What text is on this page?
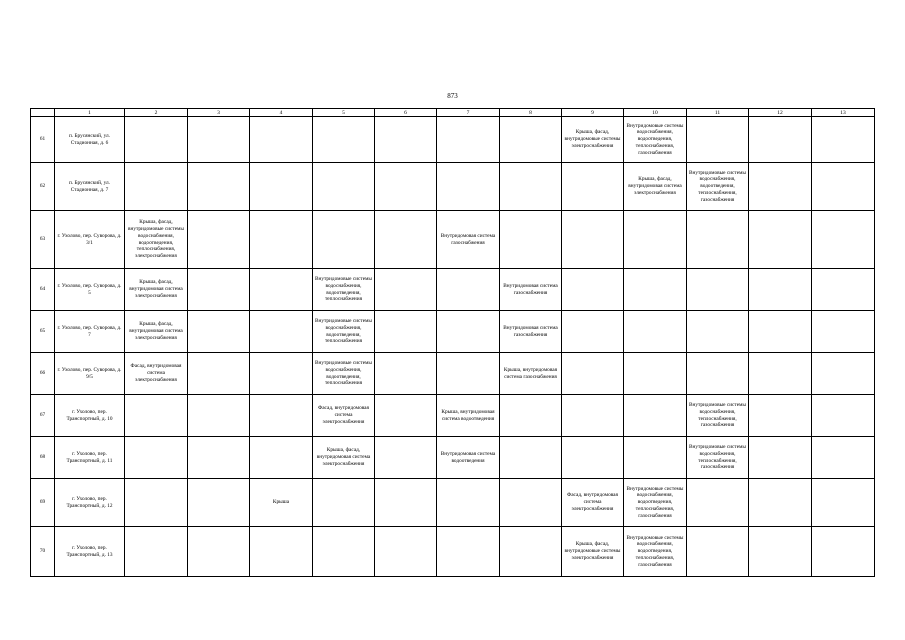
873
	1	2	3	4	5	6	7	8	9	10	11	12	13
61	п. Брусянский, ул. Стадионная, д. 6								Крыша, фасад, внутридомовые системы электроснабжения	Внутридомовые системы водоснабжения, водоотведения, теплоснабжения, газоснабжения			
62	п. Брусянский, ул. Стадионная, д. 7									Крыша, фасад, внутридомовая система электроснабжения	Внутридомовые системы водоснабжения, водоотведения, теплоснабжения, газоснабжения		
63	г. Ухолово, пер. Суворова, д. 3/1	Крыша, фасад, внутридомовые системы водоснабжения, водоотведения, теплоснабжения, электроснабжения					Внутридомовая система газоснабжения						
64	г. Ухолово, пер. Суворова, д. 5	Крыша, фасад, внутридомовая система электроснабжения			Внутридомовые системы водоснабжения, водоотведения, теплоснабжения			Внутридомовая система газоснабжения					
65	г. Ухолово, пер. Суворова, д. 7	Крыша, фасад, внутридомовая система электроснабжения			Внутридомовые системы водоснабжения, водоотведения, теплоснабжения			Внутридомовая система газоснабжения					
66	г. Ухолово, пер. Суворова, д. 9/5	Фасад, внутридомовая система электроснабжения			Внутридомовые системы водоснабжения, водоотведения, теплоснабжения			Крыша, внутридомовая система газоснабжения					
67	г. Ухолово, пер. Транспортный, д. 10				Фасад, внутридомовая система электроснабжения		Крыша, внутридомовая система водоотведения				Внутридомовые системы водоснабжения, теплоснабжения, газоснабжения		
68	г. Ухолово, пер. Транспортный, д. 11				Крыша, фасад, внутридомовая система электроснабжения		Внутридомовая система водоотведения				Внутридомовые системы водоснабжения, теплоснабжения, газоснабжения		
69	г. Ухолово, пер. Транспортный, д. 12			Крыша					Фасад, внутридомовая система электроснабжения	Внутридомовые системы водоснабжения, водоотведения, теплоснабжения, газоснабжения			
70	г. Ухолово, пер. Транспортный, д. 13								Крыша, фасад, внутридомовые системы электроснабжения	Внутридомовые системы водоснабжения, водоотведения, теплоснабжения, газоснабжения			
